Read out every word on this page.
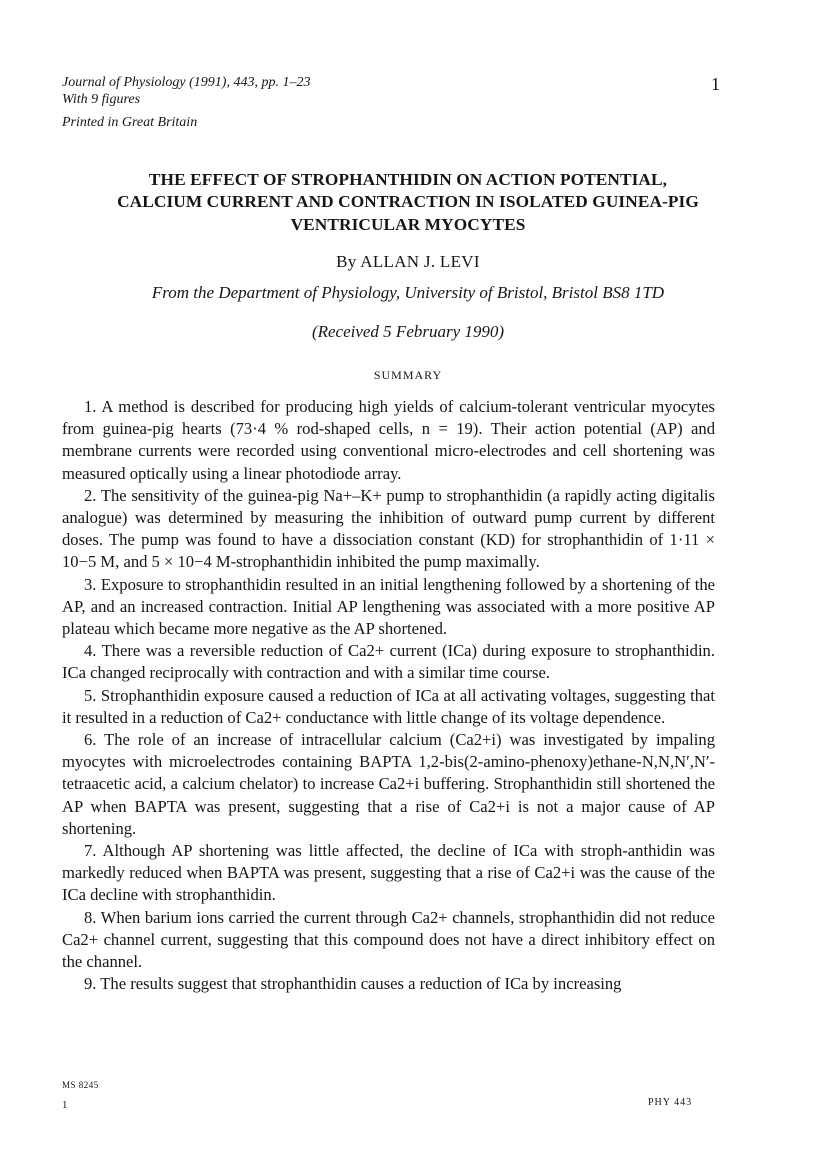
Journal of Physiology (1991), 443, pp. 1–23
With 9 figures
Printed in Great Britain
1
THE EFFECT OF STROPHANTHIDIN ON ACTION POTENTIAL,
CALCIUM CURRENT AND CONTRACTION IN ISOLATED GUINEA-PIG
VENTRICULAR MYOCYTES
By ALLAN J. LEVI
From the Department of Physiology, University of Bristol, Bristol BS8 1TD
(Received 5 February 1990)
SUMMARY

1. A method is described for producing high yields of calcium-tolerant ventricular myocytes from guinea-pig hearts (73·4 % rod-shaped cells, n = 19). Their action potential (AP) and membrane currents were recorded using conventional micro-electrodes and cell shortening was measured optically using a linear photodiode array.

2. The sensitivity of the guinea-pig Na+–K+ pump to strophanthidin (a rapidly acting digitalis analogue) was determined by measuring the inhibition of outward pump current by different doses. The pump was found to have a dissociation constant (KD) for strophanthidin of 1·11 × 10−5 M, and 5 × 10−4 M-strophanthidin inhibited the pump maximally.

3. Exposure to strophanthidin resulted in an initial lengthening followed by a shortening of the AP, and an increased contraction. Initial AP lengthening was associated with a more positive AP plateau which became more negative as the AP shortened.

4. There was a reversible reduction of Ca2+ current (ICa) during exposure to strophanthidin. ICa changed reciprocally with contraction and with a similar time course.

5. Strophanthidin exposure caused a reduction of ICa at all activating voltages, suggesting that it resulted in a reduction of Ca2+ conductance with little change of its voltage dependence.

6. The role of an increase of intracellular calcium (Ca2+i) was investigated by impaling myocytes with microelectrodes containing BAPTA 1,2-bis(2-amino-phenoxy)ethane-N,N,N′,N′-tetraacetic acid, a calcium chelator) to increase Ca2+i buffering. Strophanthidin still shortened the AP when BAPTA was present, suggesting that a rise of Ca2+i is not a major cause of AP shortening.

7. Although AP shortening was little affected, the decline of ICa with stroph-anthidin was markedly reduced when BAPTA was present, suggesting that a rise of Ca2+i was the cause of the ICa decline with strophanthidin.

8. When barium ions carried the current through Ca2+ channels, strophanthidin did not reduce Ca2+ channel current, suggesting that this compound does not have a direct inhibitory effect on the channel.

9. The results suggest that strophanthidin causes a reduction of ICa by increasing

MS 8245
1	PHY 443
